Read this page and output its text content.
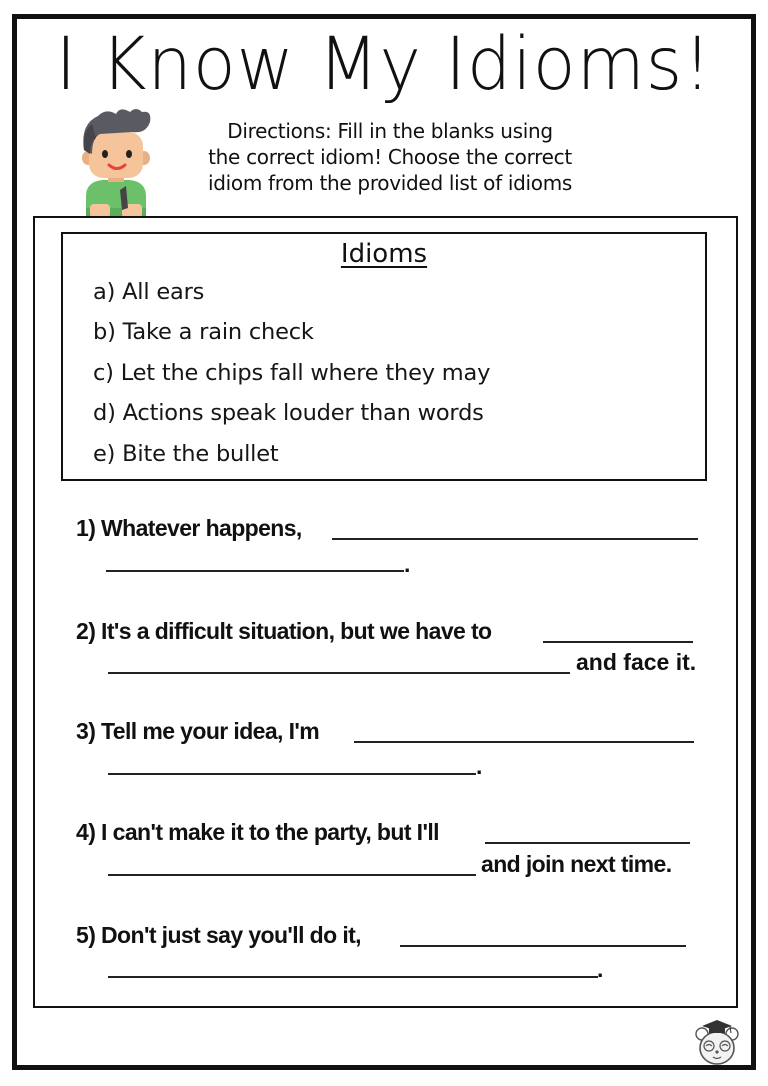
I Know My Idioms!
Directions: Fill in the blanks using
the correct idiom! Choose the correct
idiom from the provided list of idioms
Idioms
a) All ears
b) Take a rain check
c) Let the chips fall where they may
d) Actions speak louder than words
e) Bite the bullet
1) Whatever happens,
.
2) It's a difficult situation, but we have to
and face it.
3) Tell me your idea, I'm
.
4) I can't make it to the party, but I'll
and join next time.
5) Don't just say you'll do it,
.
